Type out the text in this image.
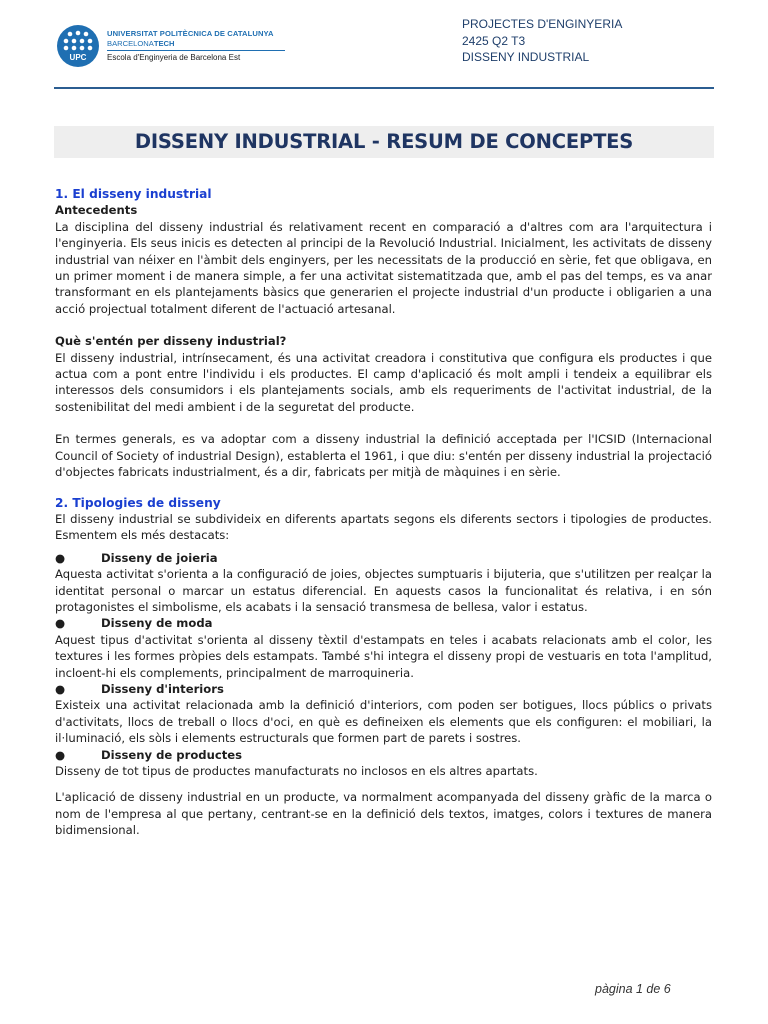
UPC
UNIVERSITAT POLITÈCNICA DE CATALUNYA
BARCELONATECH
Escola d'Enginyeria de Barcelona Est
PROJECTES D'ENGINYERIA
2425 Q2 T3
DISSENY INDUSTRIAL
DISSENY INDUSTRIAL - RESUM DE CONCEPTES

1. El disseny industrial

Antecedents

La disciplina del disseny industrial és relativament recent en comparació a d'altres com ara l'arquitectura i l'enginyeria. Els seus inicis es detecten al principi de la Revolució Industrial. Inicialment, les activitats de disseny industrial van néixer en l'àmbit dels enginyers, per les necessitats de la producció en sèrie, fet que obligava, en un primer moment i de manera simple, a fer una activitat sistematitzada que, amb el pas del temps, es va anar transformant en els plantejaments bàsics que generarien el projecte industrial d'un producte i obligarien a una acció projectual totalment diferent de l'actuació artesanal.

Què s'entén per disseny industrial?

El disseny industrial, intrínsecament, és una activitat creadora i constitutiva que configura els productes i que actua com a pont entre l'individu i els productes. El camp d'aplicació és molt ampli i tendeix a equilibrar els interessos dels consumidors i els plantejaments socials, amb els requeriments de l'activitat industrial, de la sostenibilitat del medi ambient i de la seguretat del producte.

En termes generals, es va adoptar com a disseny industrial la definició acceptada per l'ICSID (Internacional Council of Society of industrial Design), establerta el 1961, i que diu: s'entén per disseny industrial la projectació d'objectes fabricats industrialment, és a dir, fabricats per mitjà de màquines i en sèrie.

2. Tipologies de disseny

El disseny industrial se subdivideix en diferents apartats segons els diferents sectors i tipologies de productes. Esmentem els més destacats:

●	Disseny de joieria

Aquesta activitat s'orienta a la configuració de joies, objectes sumptuaris i bijuteria, que s'utilitzen per realçar la identitat personal o marcar un estatus diferencial. En aquests casos la funcionalitat és relativa, i en són protagonistes el simbolisme, els acabats i la sensació transmesa de bellesa, valor i estatus.

●	Disseny de moda

Aquest tipus d'activitat s'orienta al disseny tèxtil d'estampats en teles i acabats relacionats amb el color, les textures i les formes pròpies dels estampats. També s'hi integra el disseny propi de vestuaris en tota l'amplitud, incloent-hi els complements, principalment de marroquineria.

●	Disseny d'interiors

Existeix una activitat relacionada amb la definició d'interiors, com poden ser botigues, llocs públics o privats d'activitats, llocs de treball o llocs d'oci, en què es defineixen els elements que els configuren: el mobiliari, la il·luminació, els sòls i elements estructurals que formen part de parets i sostres.

●	Disseny de productes

Disseny de tot tipus de productes manufacturats no inclosos en els altres apartats.

L'aplicació de disseny industrial en un producte, va normalment acompanyada del disseny gràfic de la marca o nom de l'empresa al que pertany, centrant-se en la definició dels textos, imatges, colors i textures de manera bidimensional.

pàgina 1 de 6
